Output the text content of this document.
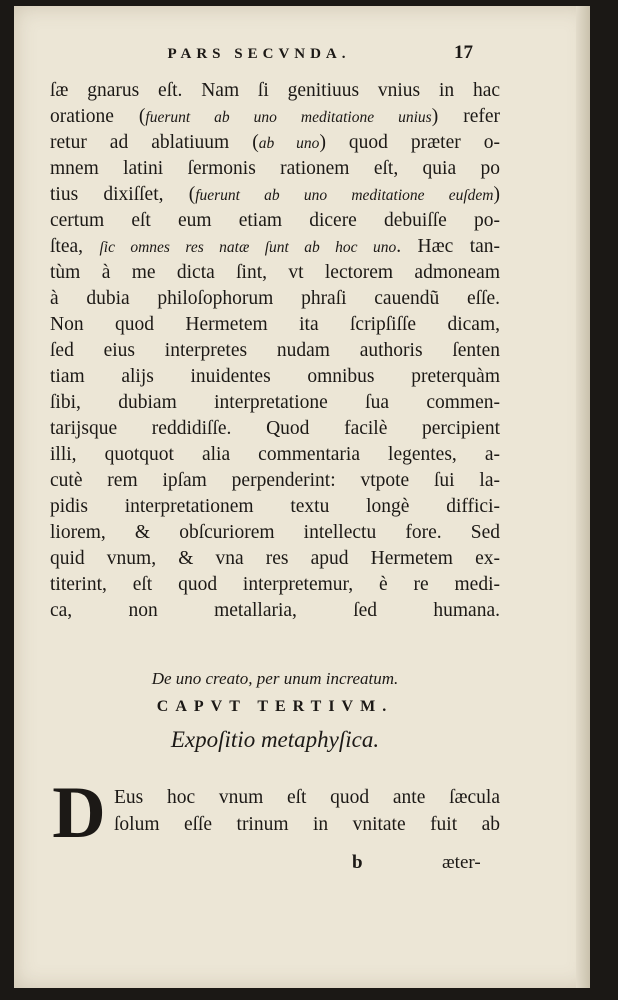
PARS SECVNDA.	17
ſæ gnarus eſt. Nam ſi genitiuus vnius in hac
oratione (fuerunt ab uno meditatione unius) refer
retur ad ablatiuum (ab uno) quod præter o-
mnem latini ſermonis rationem eſt, quia po
tius dixiſſet, (fuerunt ab uno meditatione euſdem)
certum eſt eum etiam dicere debuiſſe po-
ſtea, ſic omnes res natæ ſunt ab hoc uno. Hæc tan-
tùm à me dicta ſint, vt lectorem admoneam
à dubia philoſophorum phraſi cauendũ eſſe.
Non quod Hermetem ita ſcripſiſſe dicam,
ſed eius interpretes nudam authoris ſenten
tiam alijs inuidentes omnibus preterquàm
ſibi, dubiam interpretatione ſua commen-
tarijsque reddidiſſe. Quod facilè percipient
illi, quotquot alia commentaria legentes, a-
cutè rem ipſam perpenderint: vtpote ſui la-
pidis interpretationem textu longè diffici-
liorem, & obſcuriorem intellectu fore. Sed
quid vnum, & vna res apud Hermetem ex-
titerint, eſt quod interpretemur, è re medi-
ca, non metallaria, ſed humana.
De uno creato, per unum increatum.
CAPVT TERTIVM.
Expoſitio metaphyſica.
D Eus hoc vnum eſt quod ante ſæcula
ſolum eſſe trinum in vnitate fuit ab
b	æter-
